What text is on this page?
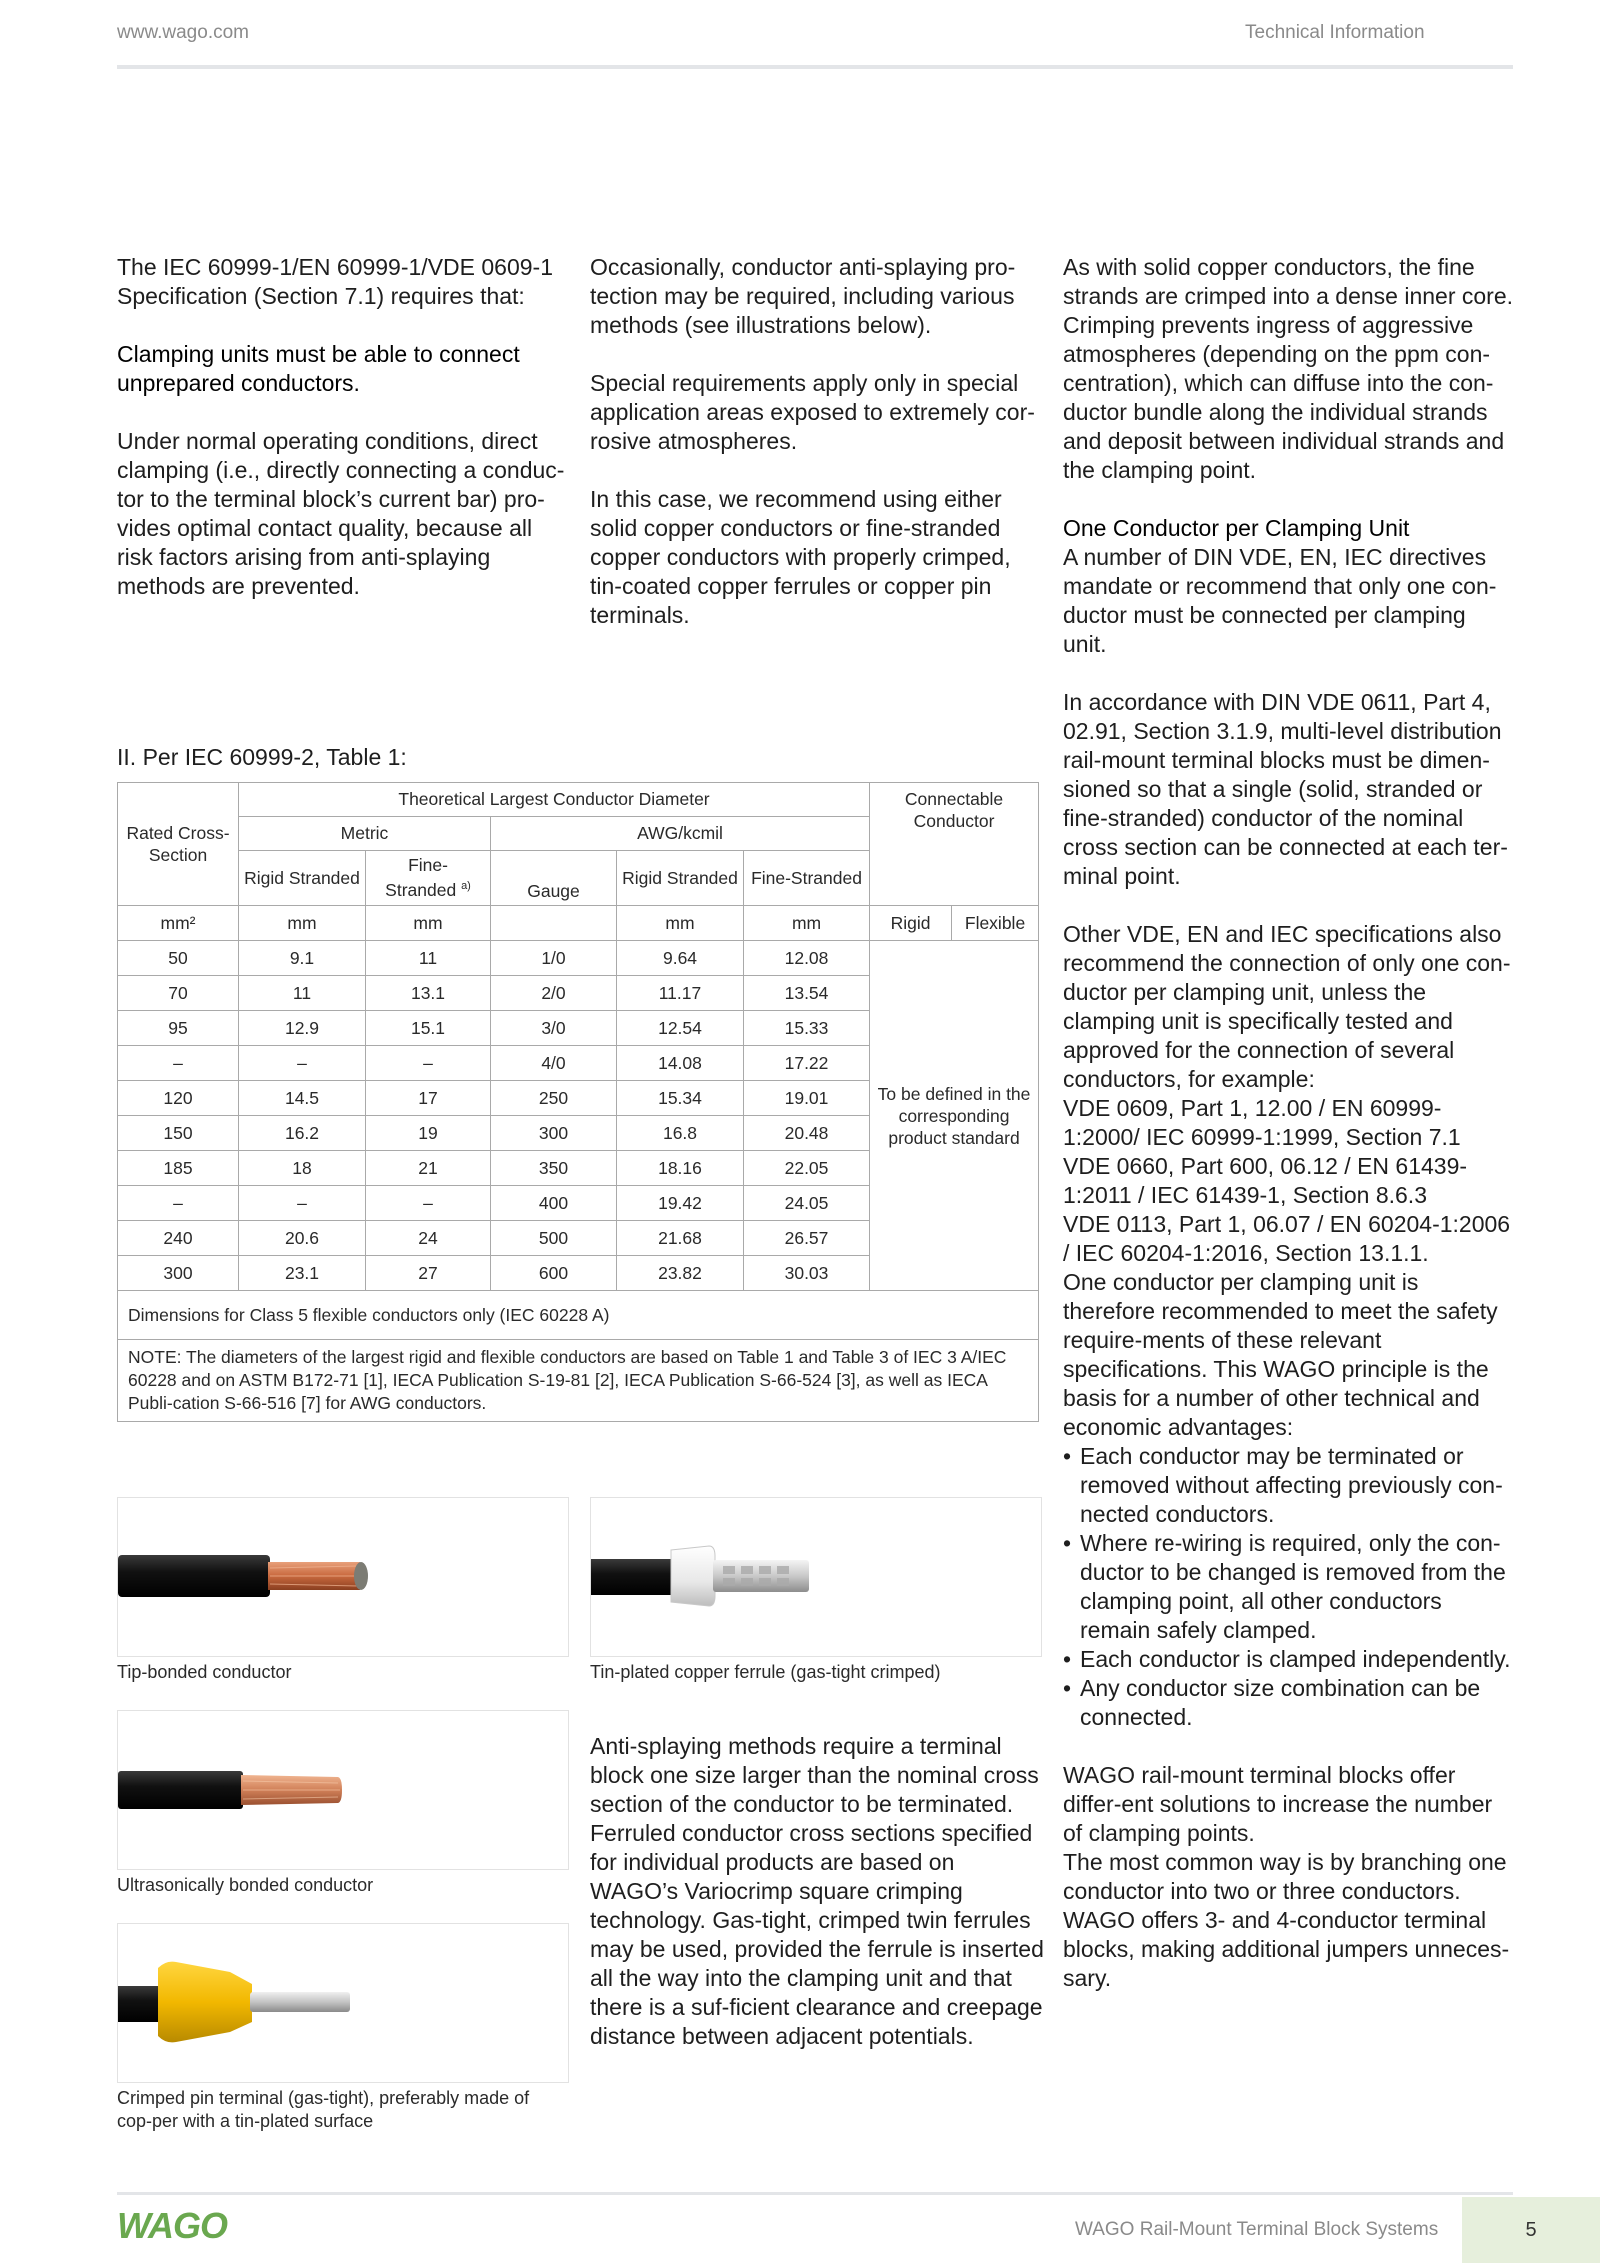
www.wago.com	Technical Information

The IEC 60999-1/EN 60999-1/VDE 0609-1 Specification (Section 7.1) requires that:

Clamping units must be able to connect unprepared conductors.

Under normal operating conditions, direct clamping (i.e., directly connecting a conduc-tor to the terminal block’s current bar) pro-vides optimal contact quality, because all risk factors arising from anti-splaying methods are prevented.

Occasionally, conductor anti-splaying pro-tection may be required, including various methods (see illustrations below).

Special requirements apply only in special application areas exposed to extremely cor-rosive atmospheres.

In this case, we recommend using either solid copper conductors or fine-stranded copper conductors with properly crimped, tin-coated copper ferrules or copper pin terminals.

As with solid copper conductors, the fine strands are crimped into a dense inner core. Crimping prevents ingress of aggressive atmospheres (depending on the ppm con-centration), which can diffuse into the con-ductor bundle along the individual strands and deposit between individual strands and the clamping point.

One Conductor per Clamping Unit

A number of DIN VDE, EN, IEC directives mandate or recommend that only one con-ductor must be connected per clamping unit.

In accordance with DIN VDE 0611, Part 4, 02.91, Section 3.1.9, multi-level distribution rail-mount terminal blocks must be dimen-sioned so that a single (solid, stranded or fine-stranded) conductor of the nominal cross section can be connected at each ter-minal point.

Other VDE, EN and IEC specifications also recommend the connection of only one con-ductor per clamping unit, unless the clamping unit is specifically tested and approved for the connection of several conductors, for example:

VDE 0609, Part 1, 12.00 / EN 60999-1:2000/ IEC 60999-1:1999, Section 7.1

VDE 0660, Part 600, 06.12 / EN 61439-1:2011 / IEC 61439-1, Section 8.6.3

VDE 0113, Part 1, 06.07 / EN 60204-1:2006 / IEC 60204-1:2016, Section 13.1.1.

One conductor per clamping unit is therefore recommended to meet the safety require-ments of these relevant specifications. This WAGO principle is the basis for a number of other technical and economic advantages:

• Each conductor may be terminated or removed without affecting previously con-nected conductors.
• Where re-wiring is required, only the con-ductor to be changed is removed from the clamping point, all other conductors remain safely clamped.
• Each conductor is clamped independently.
• Any conductor size combination can be connected.

WAGO rail-mount terminal blocks offer differ-ent solutions to increase the number of clamping points.

The most common way is by branching one conductor into two or three conductors. WAGO offers 3- and 4-conductor terminal blocks, making additional jumpers unneces-sary.

II. Per IEC 60999-2, Table 1:
Rated Cross-Section	Theoretical Largest Conductor Diameter					Connectable Conductor	
	Metric		AWG/kcmil				
	Rigid Stranded	Fine-Stranded $^{a)}$	Gauge	Rigid Stranded	Fine-Stranded		
mm²	mm	mm		mm	mm	Rigid	Flexible
50	9.1	11	1/0	9.64	12.08	To be defined in the corresponding product standard	
70	11	13.1	2/0	11.17	13.54		
95	12.9	15.1	3/0	12.54	15.33		
–	–	–	4/0	14.08	17.22		
120	14.5	17	250	15.34	19.01		
150	16.2	19	300	16.8	20.48		
185	18	21	350	18.16	22.05		
–	–	–	400	19.42	24.05		
240	20.6	24	500	21.68	26.57		
300	23.1	27	600	23.82	30.03		
Dimensions for Class 5 flexible conductors only (IEC 60228 A)							
NOTE: The diameters of the largest rigid and flexible conductors are based on Table 1 and Table 3 of IEC 3 A/IEC 60228 and on ASTM B172-71 [1], IECA Publication S-19-81 [2], IECA Publication S-66-524 [3], as well as IECA Publi-cation S-66-516 [7] for AWG conductors.							
Tip-bonded conductor	Tin-plated copper ferrule (gas-tight crimped)
Ultrasonically bonded conductor
Crimped pin terminal (gas-tight), preferably made of cop-per with a tin-plated surface

Anti-splaying methods require a terminal block one size larger than the nominal cross section of the conductor to be terminated. Ferruled conductor cross sections specified for individual products are based on WAGO’s Variocrimp square crimping technology. Gas-tight, crimped twin ferrules may be used, provided the ferrule is inserted all the way into the clamping unit and that there is a suf-ficient clearance and creepage distance between adjacent potentials.

WAGO	WAGO Rail-Mount Terminal Block Systems	5
